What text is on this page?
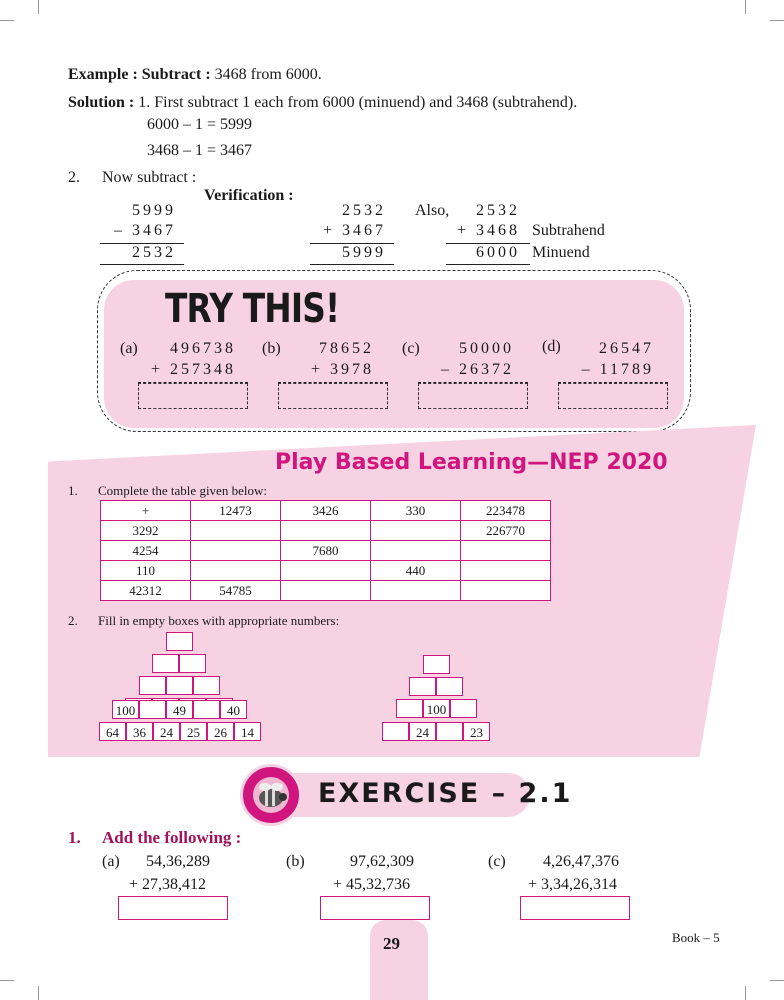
Example : Subtract : 3468 from 6000.
Solution : 1. First subtract 1 each from 6000 (minuend) and 3468 (subtrahend).
6000 – 1 = 5999
3468 – 1 = 3467
2. Now subtract :
Verification :
5999
– 3467
2532
2532
+ 3467
5999
Also,	2532
+ 3468
6000
Subtrahend
Minuend
TRY THIS!
(a)	496738
+ 257348
(b)	78652
+ 3978
(c)	50000
– 26372
(d)	26547
– 11789
Play Based Learning—NEP 2020
1. Complete the table given below:
+	12473	3426	330	223478
3292				226770
4254		7680		
110			440	
42312	54785			
2. Fill in empty boxes with appropriate numbers:
100	49	40
64	36	24	25	26	14
100
24	23
EXERCISE – 2.1
1. Add the following :
(a) 54,36,289
+ 27,38,412
(b)	97,62,309
+ 45,32,736
(c) 4,26,47,376
+ 3,34,26,314
29	Book – 5
